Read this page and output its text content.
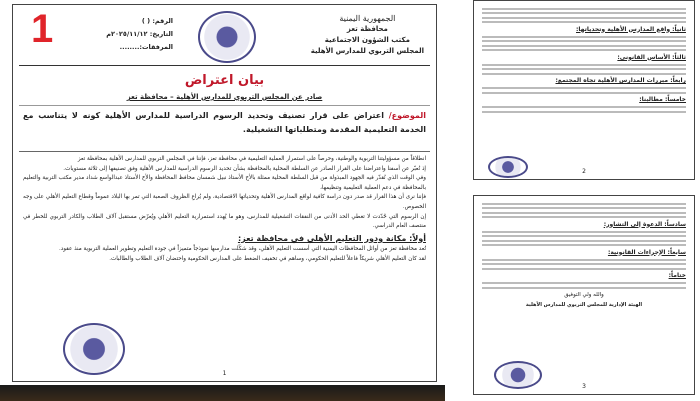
الجمهورية اليمنية
محافظة تعز
مكتب الشؤون الاجتماعية
المجلس التربوي للمدارس الأهلية
الرقم: ( )
التاريخ: ٢٠٢٥/١١/١٢م
المرفقات:........
1
بيان اعتراض
صادر عن المجلس التربوي للمدارس الأهلية – محافظة تعز
الموضوع/ اعتراض على قرار تصنيف وتحديد الرسوم الدراسية للمدارس الأهلية كونه لا يتناسب مع الخدمة التعليمية المقدمة ومتطلباتها التشغيلية.

انطلاقاً من مسؤوليتنا التربوية والوطنية، وحرصاً على استمرار العملية التعليمية في محافظة تعز، فإننا في المجلس التربوي للمدارس الأهلية بمحافظة تعز

إذ نُعبّر عن أسفنا واعتراضنا على القرار الصادر عن السلطة المحلية بالمحافظة بشأن تحديد الرسوم الدراسية للمدارس الأهلية وفق تصنيفها إلى ثلاثة مستويات.

وفي الوقت الذي نُقدّر فيه الجهود المبذولة من قبل السلطة المحلية ممثلة بالأخ الأستاذ نبيل شمسان محافظ المحافظة والأخ الأستاذ عبدالواسع شداد مدير مكتب التربية والتعليم بالمحافظة في دعم العملية التعليمية وتنظيمها،

فإننا نرى أن هذا القرار قد صدر دون دراسة كافية لواقع المدارس الأهلية وتحدياتها الاقتصادية، ولم يُراعِ الظروف الصعبة التي تمر بها البلاد عموماً وقطاع التعليم الأهلي على وجه الخصوص.

إن الرسوم التي حُدّدت لا تغطي الحد الأدنى من النفقات التشغيلية للمدارس، وهو ما يُهدد استمرارية التعليم الأهلي ويُعرّض مستقبل آلاف الطلاب والكادر التربوي للخطر في منتصف العام الدراسي.

أولاً: مكانة ودور التعليم الأهلي في محافظة تعز:

تُعد محافظة تعز من أوائل المحافظات اليمنية التي أسست التعليم الأهلي، وقد شكّلت مدارسها نموذجاً متميزاً في جودة التعليم وتطوير العملية التربوية منذ عقود.

لقد كان التعليم الأهلي شريكاً فاعلاً للتعليم الحكومي، وساهم في تخفيف الضغط على المدارس الحكومية واحتضان آلاف الطلاب والطالبات.

1
ثانياً: واقع المدارس الأهلية وتحدياتها:
ثالثاً: الأساس القانوني:
رابعاً: مبررات المدارس الأهلية تجاه المجتمع:
خامساً: مطالبنا:
2
سادساً: الدعوة إلى التشاور:
سابعاً: الإجراءات القانونية:
ختاماً:
والله ولي التوفيق
الهيئة الإدارية للمجلس التربوي للمدارس الأهلية
3
